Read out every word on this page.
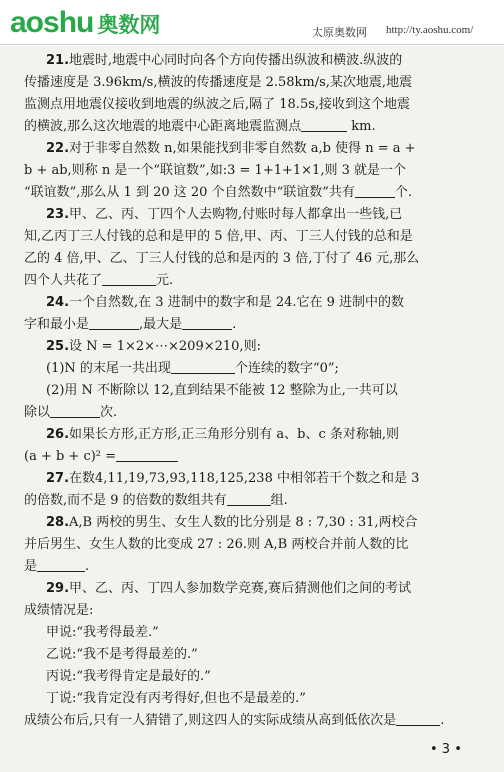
aoshu 奥数网	太原奥数网 http://ty.aoshu.com/

21.地震时,地震中心同时向各个方向传播出纵波和横波.纵波的

传播速度是 3.96km/s,横波的传播速度是 2.58km/s,某次地震,地震

监测点用地震仪接收到地震的纵波之后,隔了 18.5s,接收到这个地震

的横波,那么这次地震的地震中心距离地震监测点	km.

22.对于非零自然数 n,如果能找到非零自然数 a,b 使得 n = a +

b + ab,则称 n 是一个“联谊数”,如:3 = 1+1+1×1,则 3 就是一个

“联谊数”,那么从 1 到 20 这 20 个自然数中“联谊数”共有	个.

23.甲、乙、丙、丁四个人去购物,付账时每人都拿出一些钱,已

知,乙丙丁三人付钱的总和是甲的 5 倍,甲、丙、丁三人付钱的总和是

乙的 4 倍,甲、乙、丁三人付钱的总和是丙的 3 倍,丁付了 46 元,那么

四个人共花了	元.

24.一个自然数,在 3 进制中的数字和是 24.它在 9 进制中的数

字和最小是	,最大是	.

25.设 N = 1×2×⋯×209×210,则:

(1)N 的末尾一共出现	个连续的数字“0”;

(2)用 N 不断除以 12,直到结果不能被 12 整除为止,一共可以

除以	次.

26.如果长方形,正方形,正三角形分别有 a、b、c 条对称轴,则

(a + b + c)² =

27.在数4,11,19,73,93,118,125,238 中相邻若干个数之和是 3

的倍数,而不是 9 的倍数的数组共有	组.

28.A,B 两校的男生、女生人数的比分别是 8 : 7,30 : 31,两校合

并后男生、女生人数的比变成 27 : 26.则 A,B 两校合并前人数的比

是	.

29.甲、乙、丙、丁四人参加数学竞赛,赛后猜测他们之间的考试

成绩情况是:

甲说:“我考得最差.”

乙说:“我不是考得最差的.”

丙说:“我考得肯定是最好的.”

丁说:“我肯定没有丙考得好,但也不是最差的.”

成绩公布后,只有一人猜错了,则这四人的实际成绩从高到低依次是	.

• 3 •
